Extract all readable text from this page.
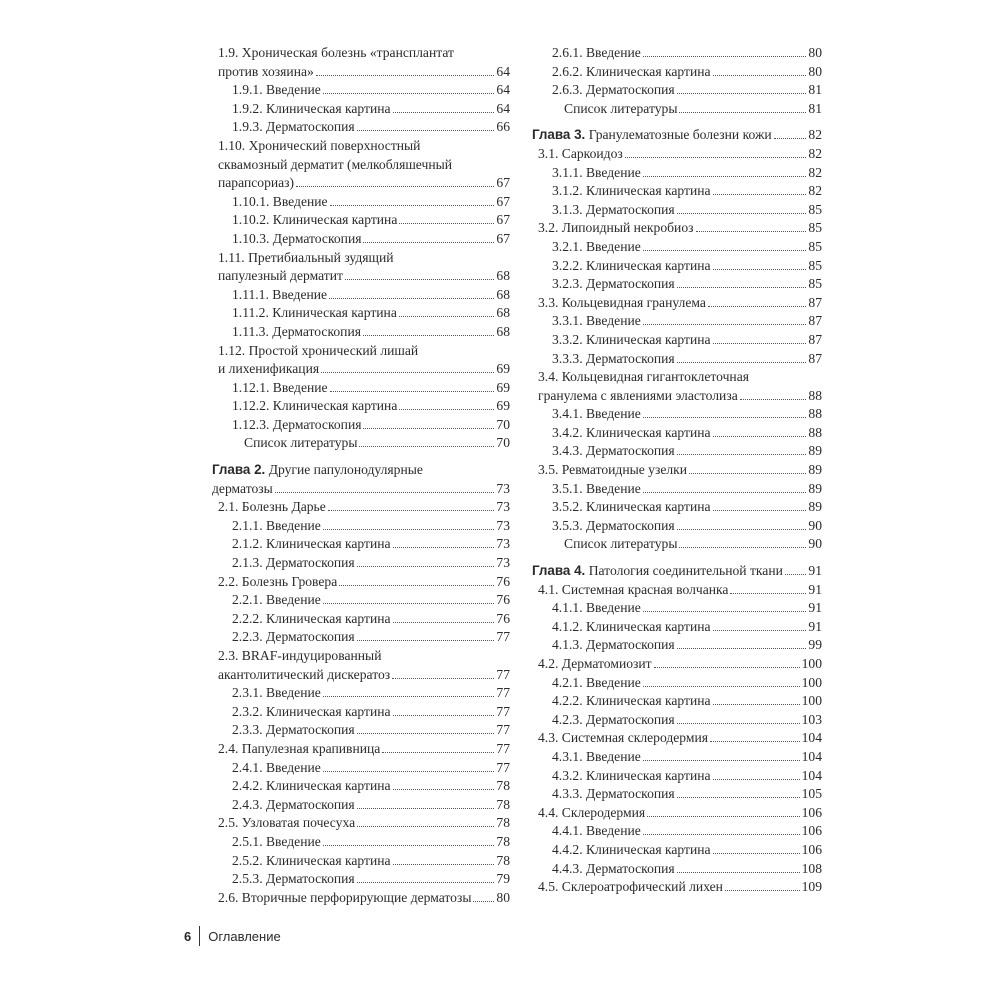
1.9. Хроническая болезнь «трансплантат
против хозяина»	64
1.9.1. Введение	64
1.9.2. Клиническая картина	64
1.9.3. Дерматоскопия	66
1.10. Хронический поверхностный
сквамозный дерматит (мелкобляшечный
парапсориаз)	67
1.10.1. Введение	67
1.10.2. Клиническая картина	67
1.10.3. Дерматоскопия	67
1.11. Претибиальный зудящий
папулезный дерматит	68
1.11.1. Введение	68
1.11.2. Клиническая картина	68
1.11.3. Дерматоскопия	68
1.12. Простой хронический лишай
и лихенификация	69
1.12.1. Введение	69
1.12.2. Клиническая картина	69
1.12.3. Дерматоскопия	70
Список литературы	70
Глава 2. Другие папулонодулярные
дерматозы	73
2.1. Болезнь Дарье	73
2.1.1. Введение	73
2.1.2. Клиническая картина	73
2.1.3. Дерматоскопия	73
2.2. Болезнь Гровера	76
2.2.1. Введение	76
2.2.2. Клиническая картина	76
2.2.3. Дерматоскопия	77
2.3. BRAF-индуцированный
акантолитический дискератоз	77
2.3.1. Введение	77
2.3.2. Клиническая картина	77
2.3.3. Дерматоскопия	77
2.4. Папулезная крапивница	77
2.4.1. Введение	77
2.4.2. Клиническая картина	78
2.4.3. Дерматоскопия	78
2.5. Узловатая почесуха	78
2.5.1. Введение	78
2.5.2. Клиническая картина	78
2.5.3. Дерматоскопия	79
2.6. Вторичные перфорирующие дерматозы 80
2.6.1. Введение	80
2.6.2. Клиническая картина	80
2.6.3. Дерматоскопия	81
Список литературы	81
Глава 3. Гранулематозные болезни кожи	82
3.1. Саркоидоз	82
3.1.1. Введение	82
3.1.2. Клиническая картина	82
3.1.3. Дерматоскопия	85
3.2. Липоидный некробиоз	85
3.2.1. Введение	85
3.2.2. Клиническая картина	85
3.2.3. Дерматоскопия	85
3.3. Кольцевидная гранулема	87
3.3.1. Введение	87
3.3.2. Клиническая картина	87
3.3.3. Дерматоскопия	87
3.4. Кольцевидная гигантоклеточная
гранулема с явлениями эластолиза	88
3.4.1. Введение	88
3.4.2. Клиническая картина	88
3.4.3. Дерматоскопия	89
3.5. Ревматоидные узелки	89
3.5.1. Введение	89
3.5.2. Клиническая картина	89
3.5.3. Дерматоскопия	90
Список литературы	90
Глава 4. Патология соединительной ткани 91
4.1. Системная красная волчанка	91
4.1.1. Введение	91
4.1.2. Клиническая картина	91
4.1.3. Дерматоскопия	99
4.2. Дерматомиозит	100
4.2.1. Введение	100
4.2.2. Клиническая картина	100
4.2.3. Дерматоскопия	103
4.3. Системная склеродермия	104
4.3.1. Введение	104
4.3.2. Клиническая картина	104
4.3.3. Дерматоскопия	105
4.4. Склеродермия	106
4.4.1. Введение	106
4.4.2. Клиническая картина	106
4.4.3. Дерматоскопия	108
4.5. Склероатрофический лихен	109
6 Оглавление
